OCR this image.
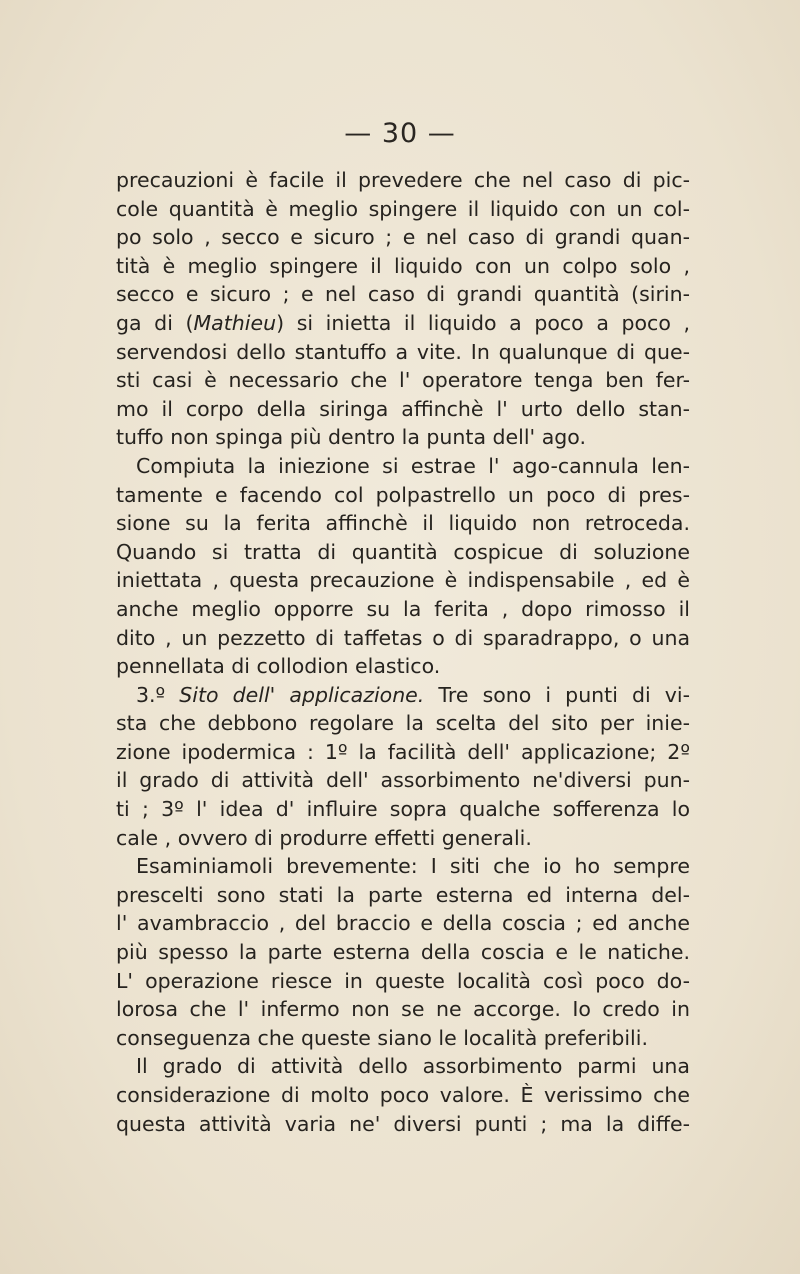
— 30 —
precauzioni è facile il prevedere che nel caso di pic-
cole quantità è meglio spingere il liquido con un col-
po solo , secco e sicuro ; e nel caso di grandi quan-
tità è meglio spingere il liquido con un colpo solo ,
secco e sicuro ; e nel caso di grandi quantità (sirin-
ga di (Mathieu) si inietta il liquido a poco a poco ,
servendosi dello stantuffo a vite. In qualunque di que-
sti casi è necessario che l' operatore tenga ben fer-
mo il corpo della siringa affinchè l' urto dello stan-
tuffo non spinga più dentro la punta dell' ago.
Compiuta la iniezione si estrae l' ago-cannula len-
tamente e facendo col polpastrello un poco di pres-
sione su la ferita affinchè il liquido non retroceda.
Quando si tratta di quantità cospicue di soluzione
iniettata , questa precauzione è indispensabile , ed è
anche meglio opporre su la ferita , dopo rimosso il
dito , un pezzetto di taffetas o di sparadrappo, o una
pennellata di collodion elastico.
3.º Sito dell' applicazione. Tre sono i punti di vi-
sta che debbono regolare la scelta del sito per inie-
zione ipodermica : 1º la facilità dell' applicazione; 2º
il grado di attività dell' assorbimento ne'diversi pun-
ti ; 3º l' idea d' influire sopra qualche sofferenza lo
cale , ovvero di produrre effetti generali.
Esaminiamoli brevemente: I siti che io ho sempre
prescelti sono stati la parte esterna ed interna del-
l' avambraccio , del braccio e della coscia ; ed anche
più spesso la parte esterna della coscia e le natiche.
L' operazione riesce in queste località così poco do-
lorosa che l' infermo non se ne accorge. Io credo in
conseguenza che queste siano le località preferibili.
Il grado di attività dello assorbimento parmi una
considerazione di molto poco valore. È verissimo che
questa attività varia ne' diversi punti ; ma la diffe-
